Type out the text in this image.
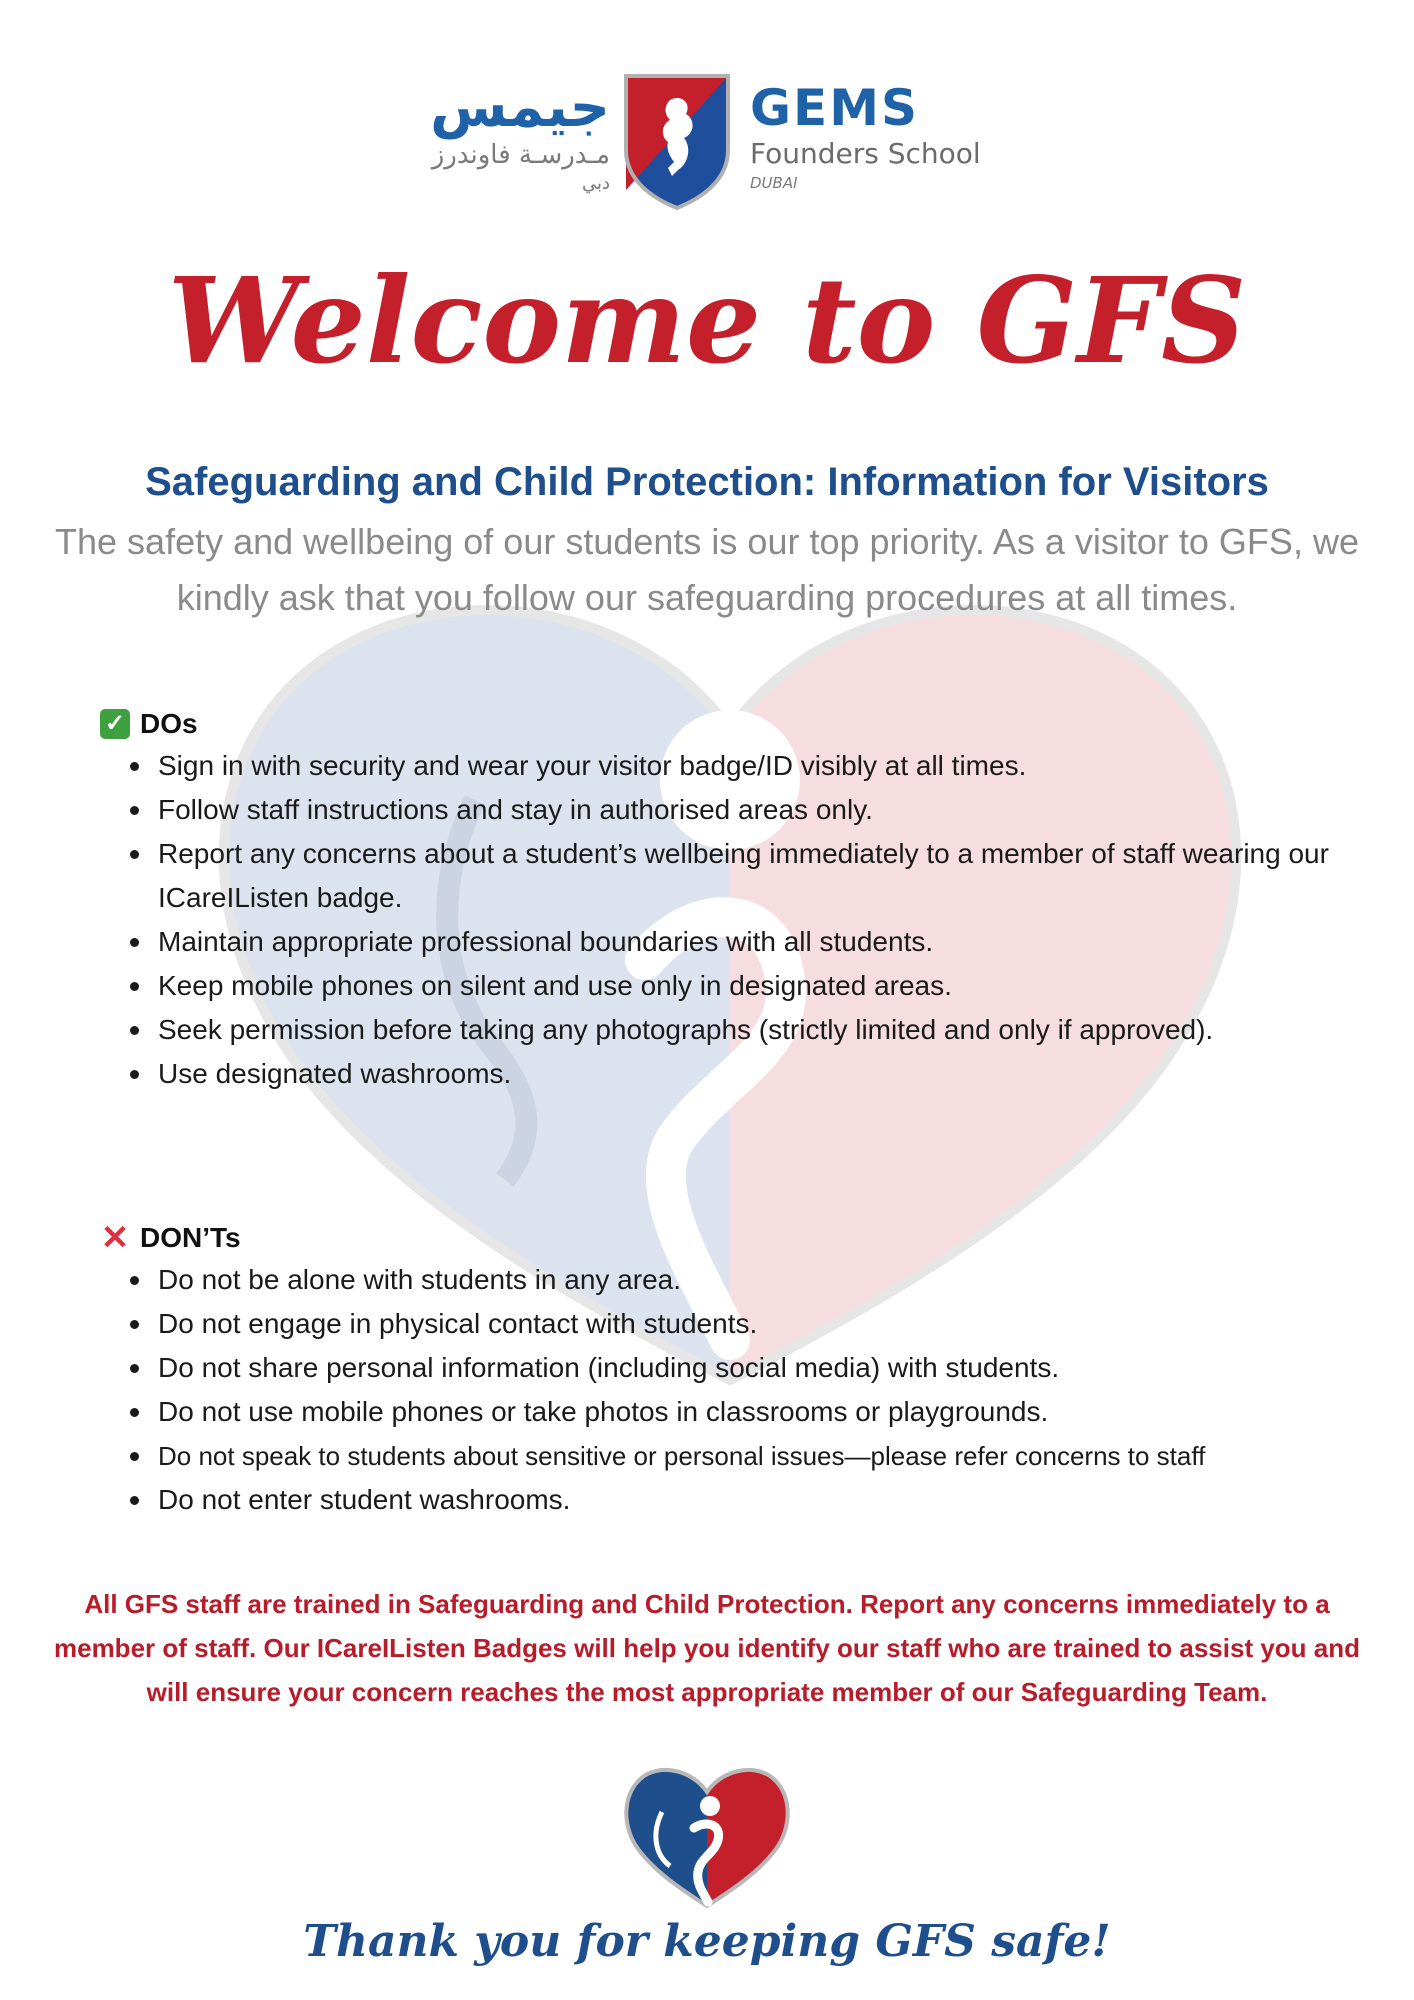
جيمس
مـدرسـة فاوندرز
دبي
GEMS
Founders School
DUBAI
Welcome to GFS
Safeguarding and Child Protection: Information for Visitors
The safety and wellbeing of our students is our top priority. As a visitor to GFS, we kindly ask that you follow our safeguarding procedures at all times.
✓ DOs
Sign in with security and wear your visitor badge/ID visibly at all times.
Follow staff instructions and stay in authorised areas only.
Report any concerns about a student’s wellbeing immediately to a member of staff wearing our ICareIListen badge.
Maintain appropriate professional boundaries with all students.
Keep mobile phones on silent and use only in designated areas.
Seek permission before taking any photographs (strictly limited and only if approved).
Use designated washrooms.
✕ DON’Ts
Do not be alone with students in any area.
Do not engage in physical contact with students.
Do not share personal information (including social media) with students.
Do not use mobile phones or take photos in classrooms or playgrounds.
Do not speak to students about sensitive or personal issues—please refer concerns to staff
Do not enter student washrooms.
All GFS staff are trained in Safeguarding and Child Protection. Report any concerns immediately to a member of staff. Our ICareIListen Badges will help you identify our staff who are trained to assist you and will ensure your concern reaches the most appropriate member of our Safeguarding Team.
Thank you for keeping GFS safe!
